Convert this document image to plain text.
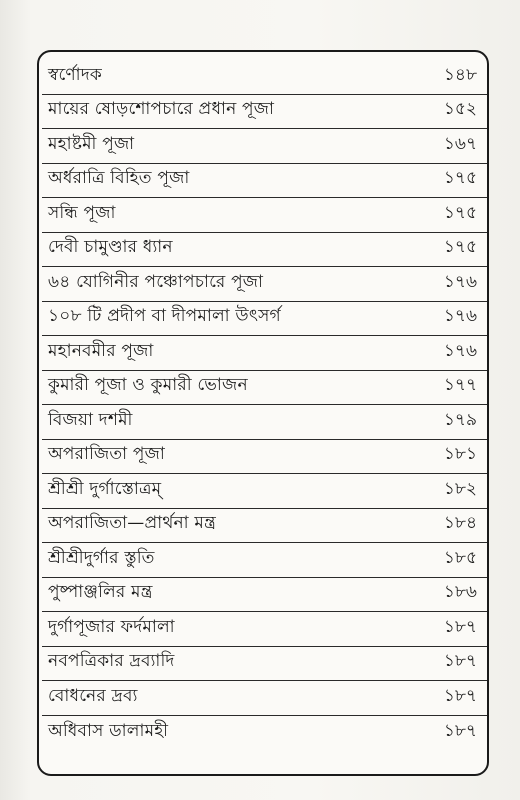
স্বর্ণোদক	১৪৮
মায়ের ষোড়শোপচারে প্রধান পূজা	১৫২
মহাষ্টমী পূজা	১৬৭
অর্ধরাত্রি বিহিত পূজা	১৭৫
সন্ধি পূজা	১৭৫
দেবী চামুণ্ডার ধ্যান	১৭৫
৬৪ যোগিনীর পঞ্চোপচারে পূজা	১৭৬
১০৮ টি প্রদীপ বা দীপমালা উৎসর্গ	১৭৬
মহানবমীর পূজা	১৭৬
কুমারী পূজা ও কুমারী ভোজন	১৭৭
বিজয়া দশমী	১৭৯
অপরাজিতা পূজা	১৮১
শ্রীশ্রী দুর্গাস্তোত্রম্	১৮২
অপরাজিতা—প্রার্থনা মন্ত্র	১৮৪
শ্রীশ্রীদুর্গার স্তুতি	১৮৫
পুষ্পাঞ্জলির মন্ত্র	১৮৬
দুর্গাপূজার ফর্দমালা	১৮৭
নবপত্রিকার দ্রব্যাদি	১৮৭
বোধনের দ্রব্য	১৮৭
অধিবাস ডালামহী	১৮৭
